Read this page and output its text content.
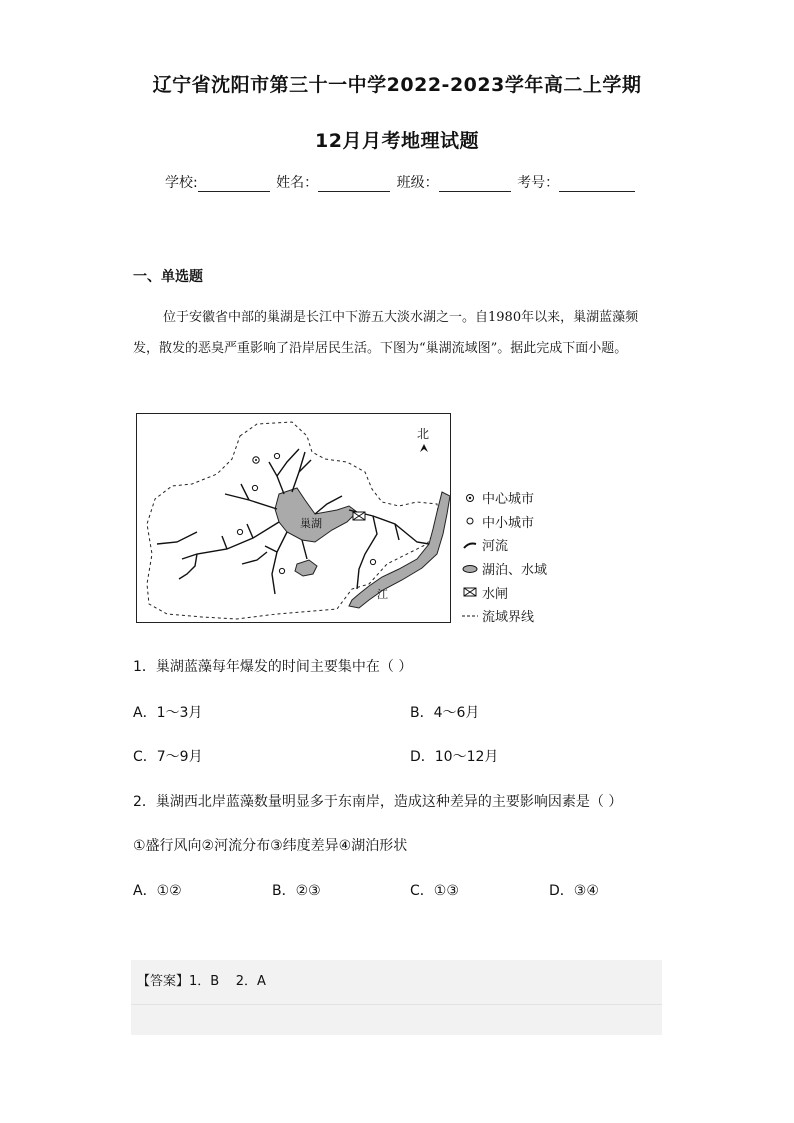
辽宁省沈阳市第三十一中学2022-2023学年高二上学期
12月月考地理试题
学校:	姓名：	班级：	考号：
一、单选题
位于安徽省中部的巢湖是长江中下游五大淡水湖之一。自1980年以来，巢湖蓝藻频发，散发的恶臭严重影响了沿岸居民生活。下图为“巢湖流域图”。据此完成下面小题。
北
巢湖
江
中心城市
中小城市
河流
湖泊、水域
水闸
流域界线
1．巢湖蓝藻每年爆发的时间主要集中在（ ）
A．1～3月	B．4～6月
C．7～9月	D．10～12月
2．巢湖西北岸蓝藻数量明显多于东南岸，造成这种差异的主要影响因素是（ ）
①盛行风向②河流分布③纬度差异④湖泊形状
A．①②	B．②③	C．①③	D．③④
【答案】1．B    2．A
